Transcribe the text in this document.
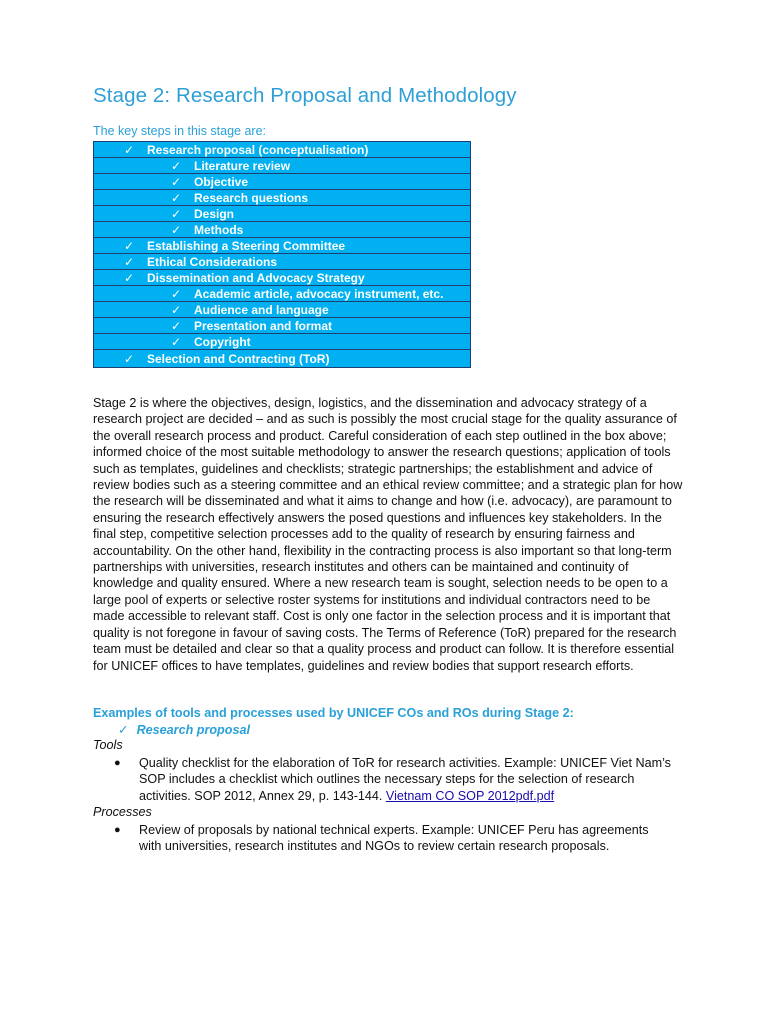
Stage 2: Research Proposal and Methodology
The key steps in this stage are:
✓	Research proposal (conceptualisation)
✓	Literature review
✓	Objective
✓	Research questions
✓	Design
✓	Methods
✓	Establishing a Steering Committee
✓	Ethical Considerations
✓	Dissemination and Advocacy Strategy
✓	Academic article, advocacy instrument, etc.
✓	Audience and language
✓	Presentation and format
✓	Copyright
✓	Selection and Contracting (ToR)

Stage 2 is where the objectives, design, logistics, and the dissemination and advocacy strategy of a research project are decided – and as such is possibly the most crucial stage for the quality assurance of the overall research process and product. Careful consideration of each step outlined in the box above; informed choice of the most suitable methodology to answer the research questions; application of tools such as templates, guidelines and checklists; strategic partnerships; the establishment and advice of review bodies such as a steering committee and an ethical review committee; and a strategic plan for how the research will be disseminated and what it aims to change and how (i.e. advocacy), are paramount to ensuring the research effectively answers the posed questions and influences key stakeholders. In the final step, competitive selection processes add to the quality of research by ensuring fairness and accountability. On the other hand, flexibility in the contracting process is also important so that long-term partnerships with universities, research institutes and others can be maintained and continuity of knowledge and quality ensured. Where a new research team is sought, selection needs to be open to a large pool of experts or selective roster systems for institutions and individual contractors need to be made accessible to relevant staff. Cost is only one factor in the selection process and it is important that quality is not foregone in favour of saving costs. The Terms of Reference (ToR) prepared for the research team must be detailed and clear so that a quality process and product can follow. It is therefore essential for UNICEF offices to have templates, guidelines and review bodies that support research efforts.

Examples of tools and processes used by UNICEF COs and ROs during Stage 2:
✓ Research proposal
Tools
●	Quality checklist for the elaboration of ToR for research activities. Example: UNICEF Viet Nam’s SOP includes a checklist which outlines the necessary steps for the selection of research activities. SOP 2012, Annex 29, p. 143-144. Vietnam CO SOP 2012pdf.pdf
Processes
●	Review of proposals by national technical experts. Example: UNICEF Peru has agreements with universities, research institutes and NGOs to review certain research proposals.
